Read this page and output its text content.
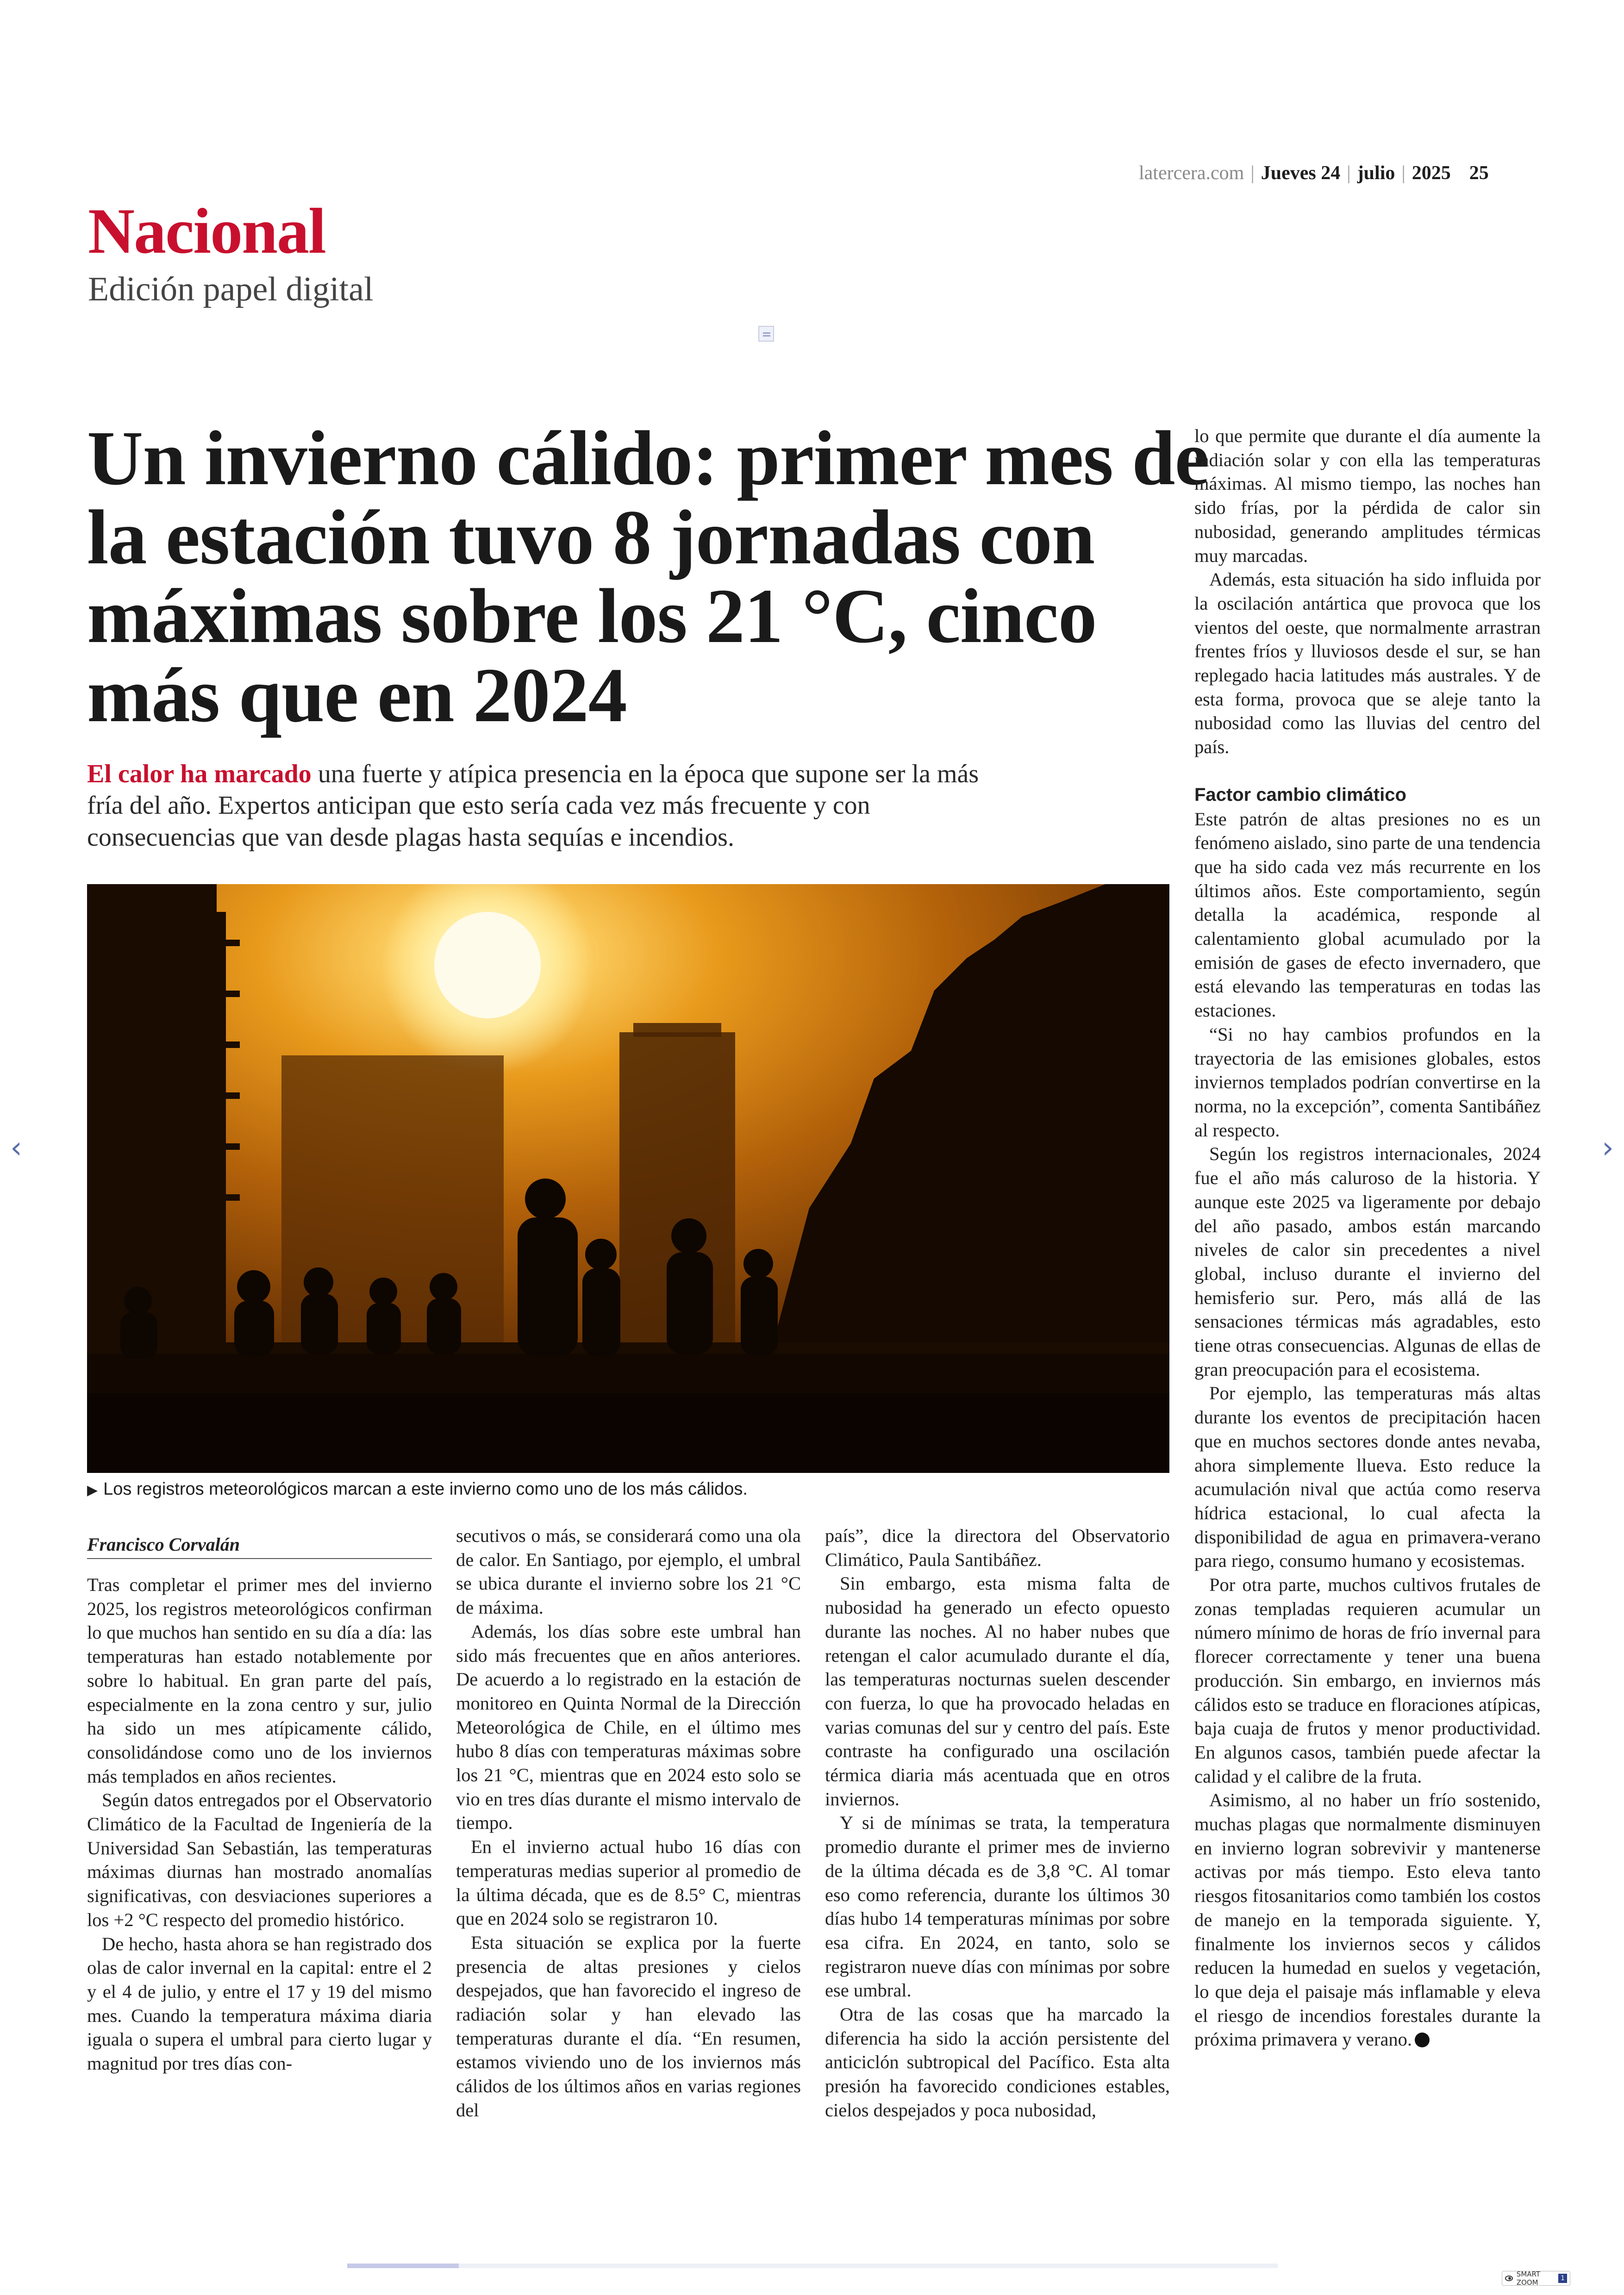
latercera.com | Jueves 24 | julio | 2025 25
Nacional
Edición papel digital
Un invierno cálido: primer mes de la estación tuvo 8 jornadas con máximas sobre los 21 °C, cinco más que en 2024

El calor ha marcado una fuerte y atípica presencia en la época que supone ser la más fría del año. Expertos anticipan que esto sería cada vez más frecuente y con consecuencias que van desde plagas hasta sequías e incendios.

▶ Los registros meteorológicos marcan a este invierno como uno de los más cálidos.
Francisco Corvalán

Tras completar el primer mes del invierno 2025, los registros meteorológicos confirman lo que muchos han sentido en su día a día: las temperaturas han estado notablemente por sobre lo habitual. En gran parte del país, especialmente en la zona centro y sur, julio ha sido un mes atípicamente cálido, consolidándose como uno de los inviernos más templados en años recientes.

Según datos entregados por el Observatorio Climático de la Facultad de Ingeniería de la Universidad San Sebastián, las temperaturas máximas diurnas han mostrado anomalías significativas, con desviaciones superiores a los +2 °C respecto del promedio histórico.

De hecho, hasta ahora se han registrado dos olas de calor invernal en la capital: entre el 2 y el 4 de julio, y entre el 17 y 19 del mismo mes. Cuando la temperatura máxima diaria iguala o supera el umbral para cierto lugar y magnitud por tres días con-

secutivos o más, se considerará como una ola de calor. En Santiago, por ejemplo, el umbral se ubica durante el invierno sobre los 21 °C de máxima.

Además, los días sobre este umbral han sido más frecuentes que en años anteriores. De acuerdo a lo registrado en la estación de monitoreo en Quinta Normal de la Dirección Meteorológica de Chile, en el último mes hubo 8 días con temperaturas máximas sobre los 21 °C, mientras que en 2024 esto solo se vio en tres días durante el mismo intervalo de tiempo.

En el invierno actual hubo 16 días con temperaturas medias superior al promedio de la última década, que es de 8.5° C, mientras que en 2024 solo se registraron 10.

Esta situación se explica por la fuerte presencia de altas presiones y cielos despejados, que han favorecido el ingreso de radiación solar y han elevado las temperaturas durante el día. “En resumen, estamos viviendo uno de los inviernos más cálidos de los últimos años en varias regiones del

país”, dice la directora del Observatorio Climático, Paula Santibáñez.

Sin embargo, esta misma falta de nubosidad ha generado un efecto opuesto durante las noches. Al no haber nubes que retengan el calor acumulado durante el día, las temperaturas nocturnas suelen descender con fuerza, lo que ha provocado heladas en varias comunas del sur y centro del país. Este contraste ha configurado una oscilación térmica diaria más acentuada que en otros inviernos.

Y si de mínimas se trata, la temperatura promedio durante el primer mes de invierno de la última década es de 3,8 °C. Al tomar eso como referencia, durante los últimos 30 días hubo 14 temperaturas mínimas por sobre esa cifra. En 2024, en tanto, solo se registraron nueve días con mínimas por sobre ese umbral.

Otra de las cosas que ha marcado la diferencia ha sido la acción persistente del anticiclón subtropical del Pacífico. Esta alta presión ha favorecido condiciones estables, cielos despejados y poca nubosidad,

lo que permite que durante el día aumente la radiación solar y con ella las temperaturas máximas. Al mismo tiempo, las noches han sido frías, por la pérdida de calor sin nubosidad, generando amplitudes térmicas muy marcadas.

Además, esta situación ha sido influida por la oscilación antártica que provoca que los vientos del oeste, que normalmente arrastran frentes fríos y lluviosos desde el sur, se han replegado hacia latitudes más australes. Y de esta forma, provoca que se aleje tanto la nubosidad como las lluvias del centro del país.

Factor cambio climático

Este patrón de altas presiones no es un fenómeno aislado, sino parte de una tendencia que ha sido cada vez más recurrente en los últimos años. Este comportamiento, según detalla la académica, responde al calentamiento global acumulado por la emisión de gases de efecto invernadero, que está elevando las temperaturas en todas las estaciones.

“Si no hay cambios profundos en la trayectoria de las emisiones globales, estos inviernos templados podrían convertirse en la norma, no la excepción”, comenta Santibáñez al respecto.

Según los registros internacionales, 2024 fue el año más caluroso de la historia. Y aunque este 2025 va ligeramente por debajo del año pasado, ambos están marcando niveles de calor sin precedentes a nivel global, incluso durante el invierno del hemisferio sur. Pero, más allá de las sensaciones térmicas más agradables, esto tiene otras consecuencias. Algunas de ellas de gran preocupación para el ecosistema.

Por ejemplo, las temperaturas más altas durante los eventos de precipitación hacen que en muchos sectores donde antes nevaba, ahora simplemente llueva. Esto reduce la acumulación nival que actúa como reserva hídrica estacional, lo cual afecta la disponibilidad de agua en primavera-verano para riego, consumo humano y ecosistemas.

Por otra parte, muchos cultivos frutales de zonas templadas requieren acumular un número mínimo de horas de frío invernal para florecer correctamente y tener una buena producción. Sin embargo, en inviernos más cálidos esto se traduce en floraciones atípicas, baja cuaja de frutos y menor productividad. En algunos casos, también puede afectar la calidad y el calibre de la fruta.

Asimismo, al no haber un frío sostenido, muchas plagas que normalmente disminuyen en invierno logran sobrevivir y mantenerse activas por más tiempo. Esto eleva tanto riesgos fitosanitarios como también los costos de manejo en la temporada siguiente. Y, finalmente los inviernos secos y cálidos reducen la humedad en suelos y vegetación, lo que deja el paisaje más inflamable y eleva el riesgo de incendios forestales durante la próxima primavera y verano.

‹	›
SMART ZOOM	1
